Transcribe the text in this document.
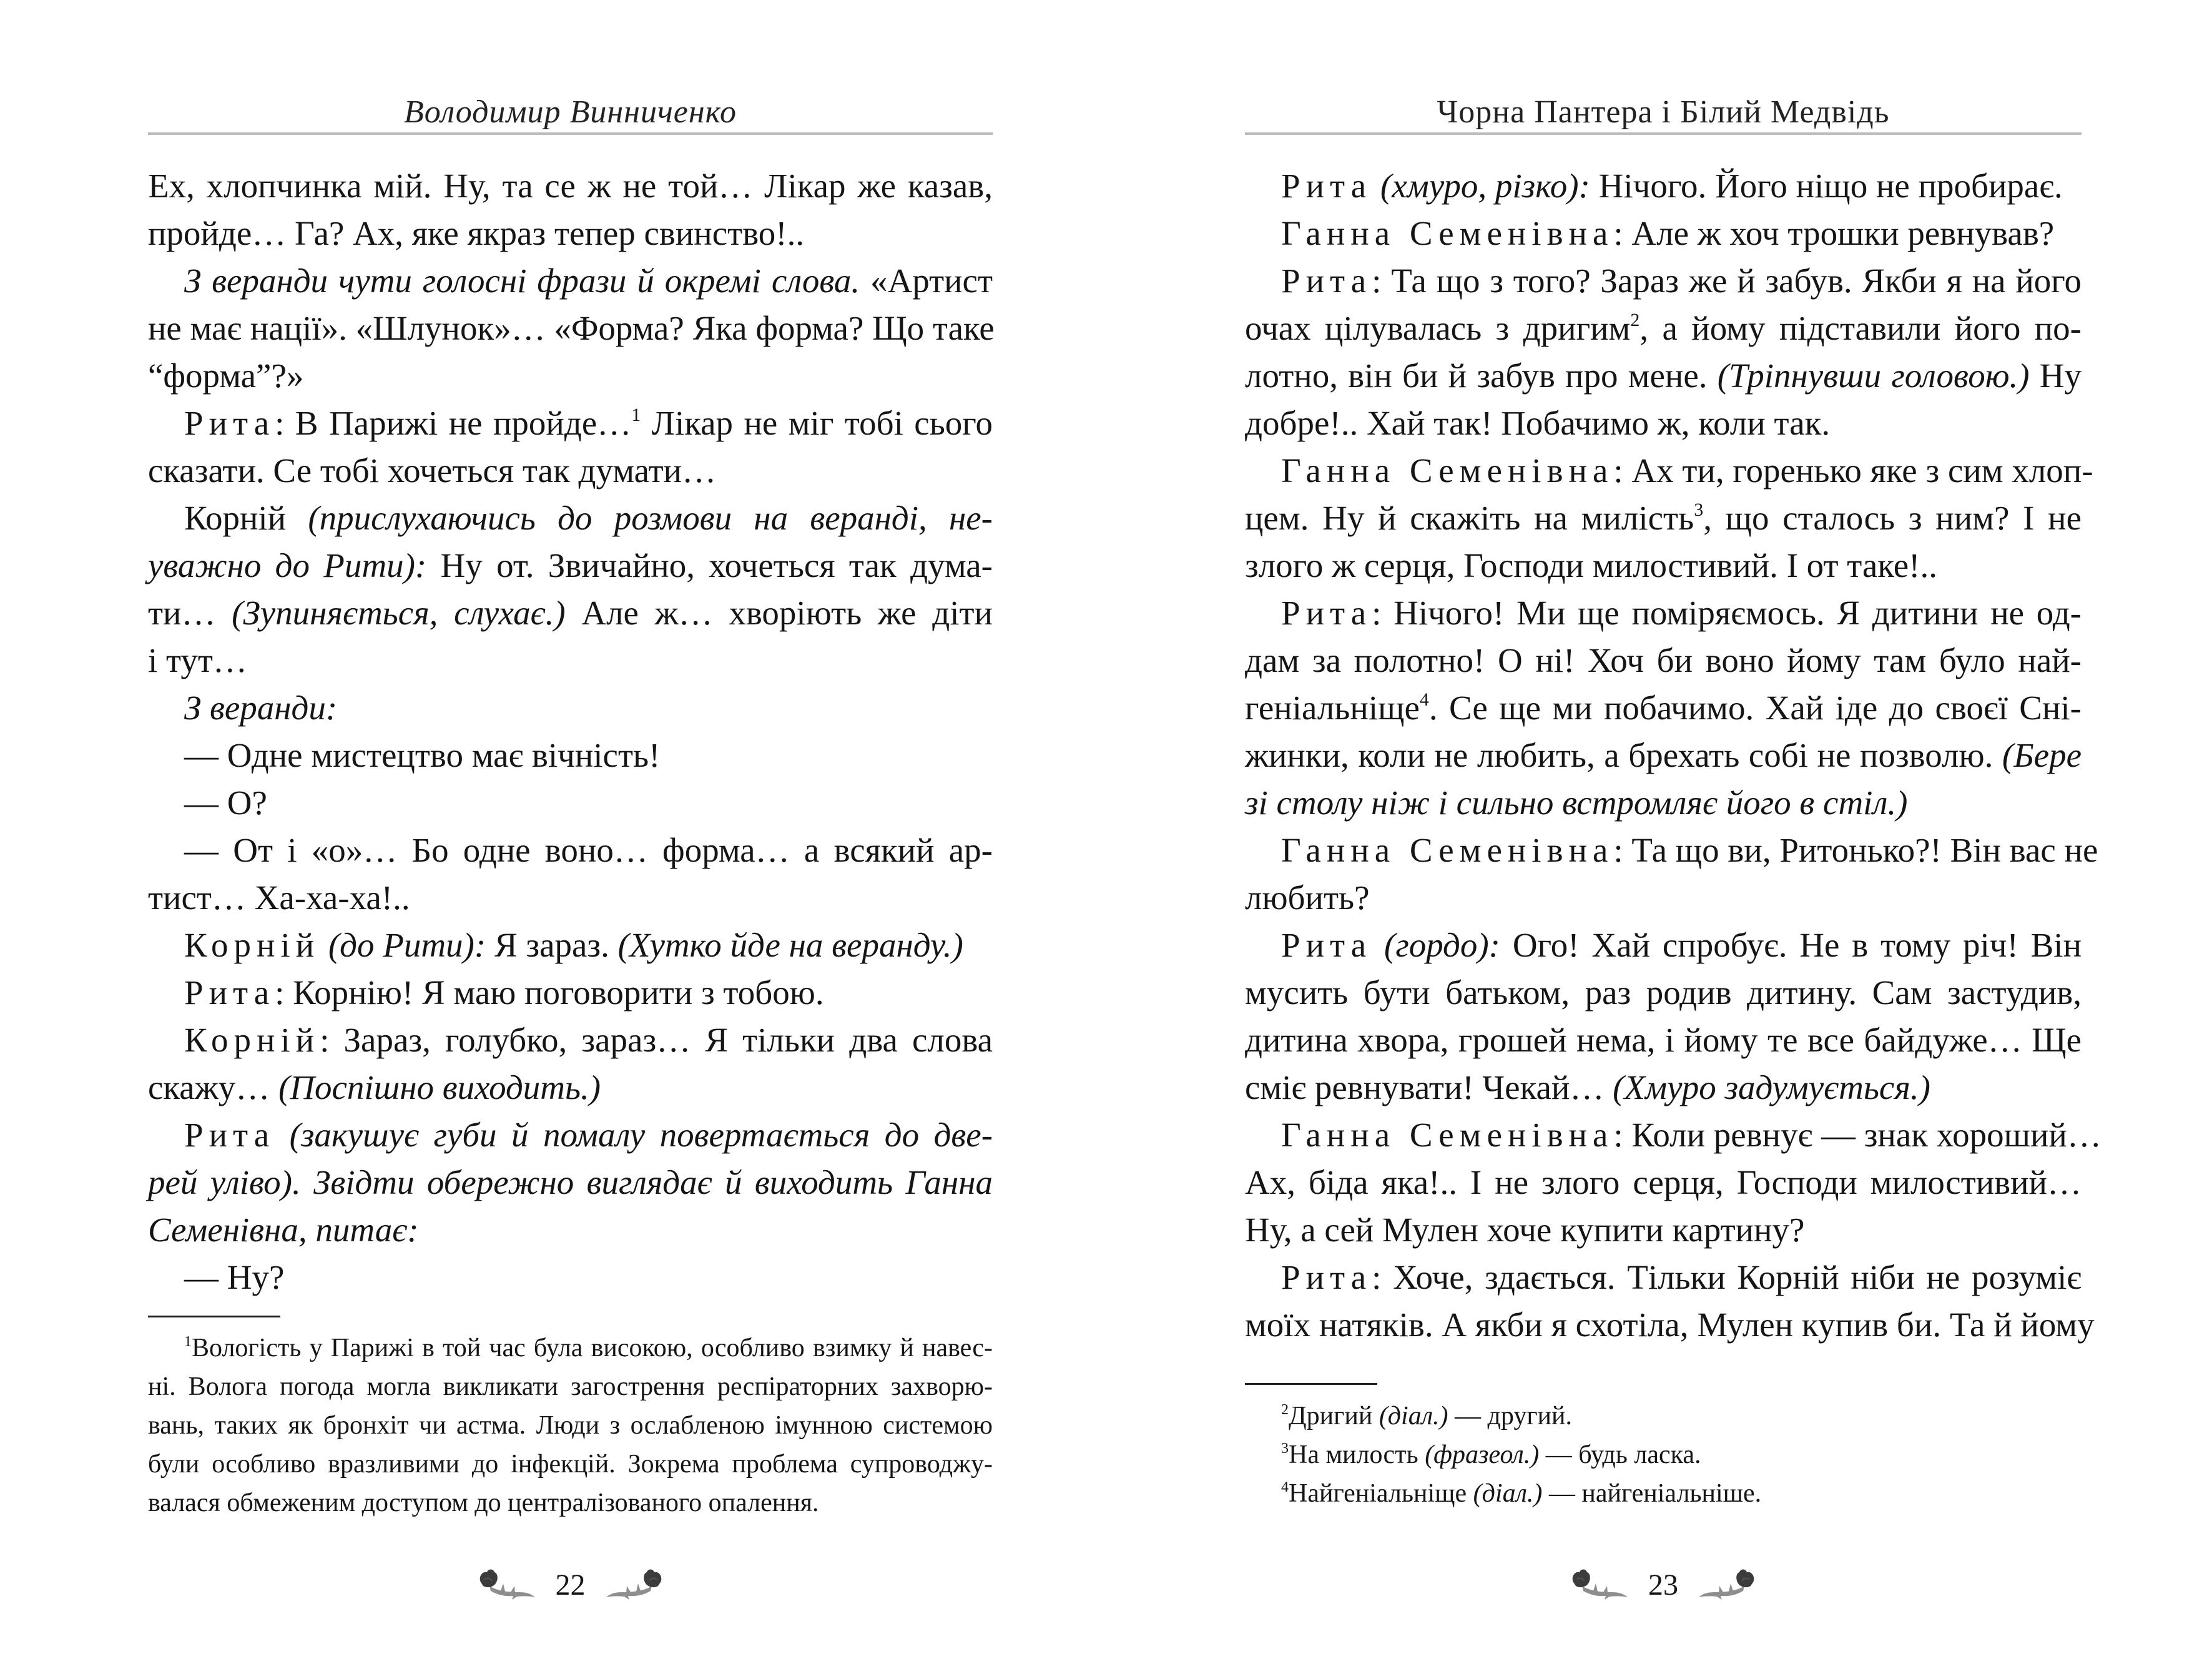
Володимир Винниченко
Ех, хлопчинка мій. Ну, та се ж не той… Лікар же казав,
пройде… Га? Ах, яке якраз тепер свинство!..
З веранди чути голосні фрази й окремі слова. «Артист
не має нації». «Шлунок»… «Форма? Яка форма? Що таке
“форма”?»
Рита: В Парижі не пройде…$^1$ Лікар не міг тобі сього
сказати. Се тобі хочеться так думати…
Корній (прислухаючись до розмови на веранді, не-
уважно до Рити): Ну от. Звичайно, хочеться так дума-
ти… (Зупиняється, слухає.) Але ж… хворіють же діти
і тут…
З веранди:
— Одне мистецтво має вічність!
— О?
— От і «о»… Бо одне воно… форма… а всякий ар-
тист… Ха-ха-ха!..
Корній (до Рити): Я зараз. (Хутко йде на веранду.)
Рита: Корнію! Я маю поговорити з тобою.
Корній: Зараз, голубко, зараз… Я тільки два слова
скажу… (Поспішно виходить.)
Рита (закушує губи й помалу повертається до две-
рей уліво). Звідти обережно виглядає й виходить Ганна
Семенівна, питає:
— Ну?
$^1$Вологість у Парижі в той час була високою, особливо взимку й навес-
ні. Волога погода могла викликати загострення респіраторних захворю-
вань, таких як бронхіт чи астма. Люди з ослабленою імунною системою
були особливо вразливими до інфекцій. Зокрема проблема супроводжу-
валася обмеженим доступом до централізованого опалення.
22
Чорна Пантера і Білий Медвідь
Рита (хмуро, різко): Нічого. Його ніщо не пробирає.
Ганна Семенівна: Але ж хоч трошки ревнував?
Рита: Та що з того? Зараз же й забув. Якби я на його
очах цілувалась з дригим$^2$, а йому підставили його по-
лотно, він би й забув про мене. (Тріпнувши головою.) Ну
добре!.. Хай так! Побачимо ж, коли так.
Ганна Семенівна: Ах ти, горенько яке з сим хлоп-
цем. Ну й скажіть на милість$^3$, що сталось з ним? І не
злого ж серця, Господи милостивий. І от таке!..
Рита: Нічого! Ми ще поміряємось. Я дитини не од-
дам за полотно! О ні! Хоч би воно йому там було най-
геніальніще$^4$. Се ще ми побачимо. Хай іде до своєї Сні-
жинки, коли не любить, а брехать собі не позволю. (Бере
зі столу ніж і сильно встромляє його в стіл.)
Ганна Семенівна: Та що ви, Ритонько?! Він вас не
любить?
Рита (гордо): Ого! Хай спробує. Не в тому річ! Він
мусить бути батьком, раз родив дитину. Сам застудив,
дитина хвора, грошей нема, і йому те все байдуже… Ще
сміє ревнувати! Чекай… (Хмуро задумується.)
Ганна Семенівна: Коли ревнує — знак хороший…
Ах, біда яка!.. І не злого серця, Господи милостивий…
Ну, а сей Мулен хоче купити картину?
Рита: Хоче, здається. Тільки Корній ніби не розуміє
моїх натяків. А якби я схотіла, Мулен купив би. Та й йому
$^2$Дригий (діал.) — другий.
$^3$На милость (фразеол.) — будь ласка.
$^4$Найгеніальніще (діал.) — найгеніальніше.
23
